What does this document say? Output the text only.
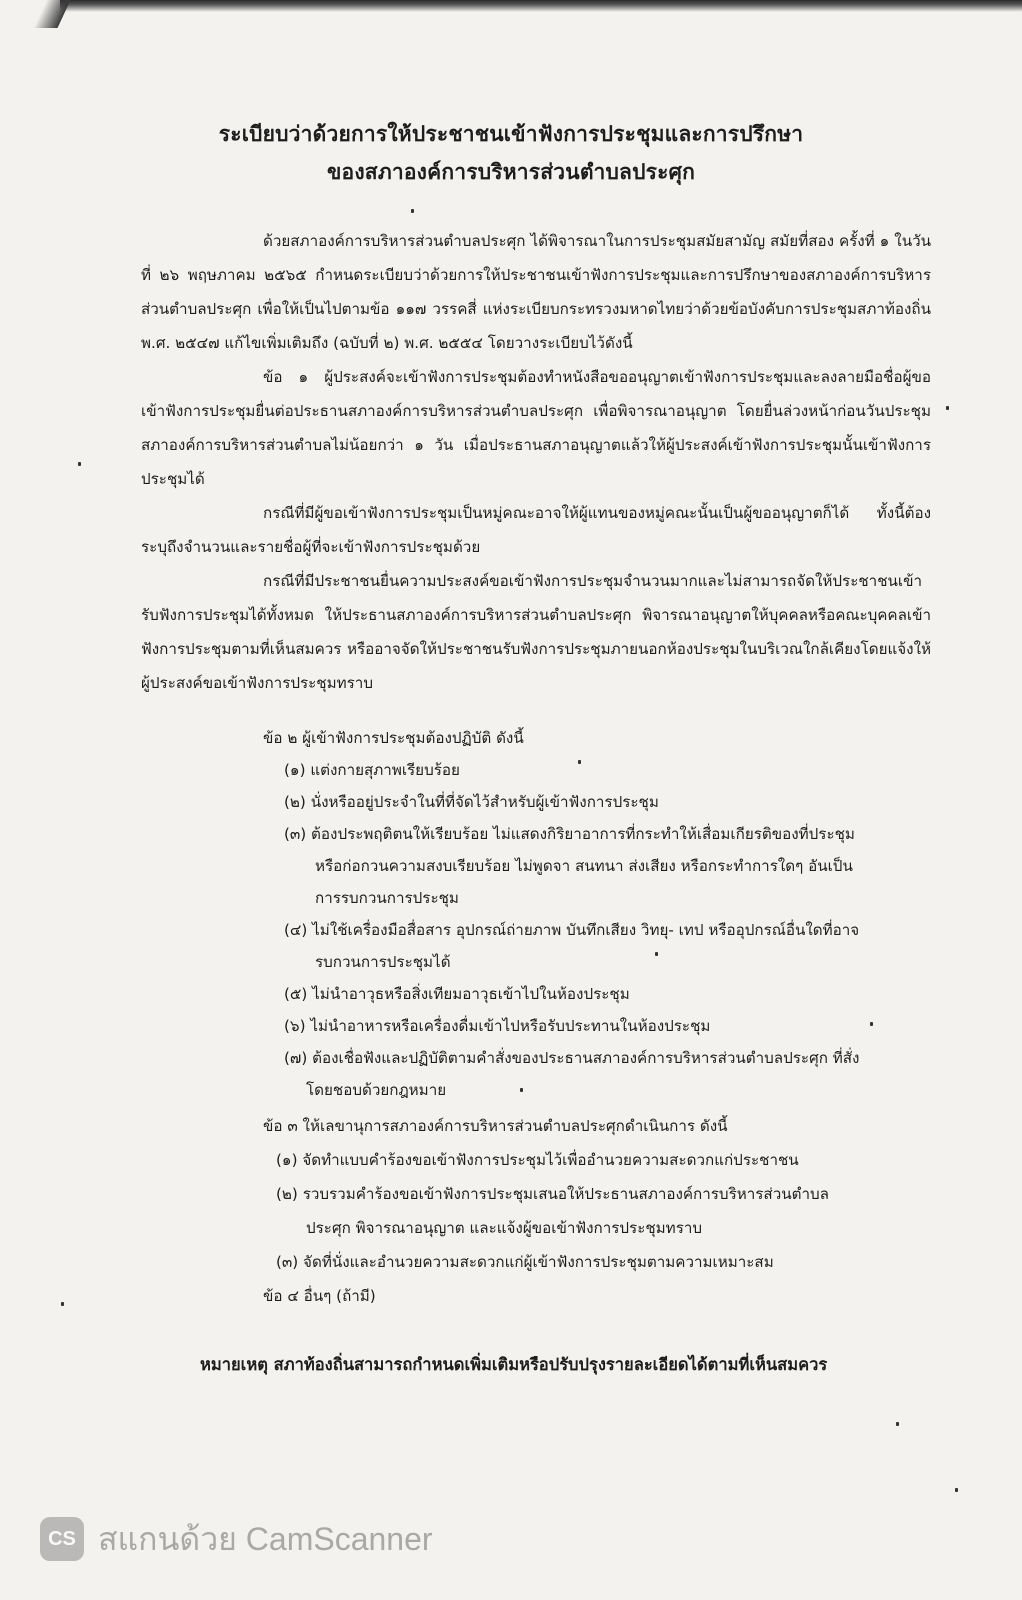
ระเบียบว่าด้วยการให้ประชาชนเข้าฟังการประชุมและการปรึกษา
ของสภาองค์การบริหารส่วนตำบลประศุก

ด้วยสภาองค์การบริหารส่วนตำบลประศุก ได้พิจารณาในการประชุมสมัยสามัญ สมัยที่สอง ครั้งที่ ๑ ในวันที่ ๒๖ พฤษภาคม ๒๕๖๕ กำหนดระเบียบว่าด้วยการให้ประชาชนเข้าฟังการประชุมและการปรึกษาของสภาองค์การบริหารส่วนตำบลประศุก เพื่อให้เป็นไปตามข้อ ๑๑๗ วรรคสี่ แห่งระเบียบกระทรวงมหาดไทยว่าด้วยข้อบังคับการประชุมสภาท้องถิ่น พ.ศ. ๒๕๔๗ แก้ไขเพิ่มเติมถึง (ฉบับที่ ๒) พ.ศ. ๒๕๕๔ โดยวางระเบียบไว้ดังนี้

ข้อ ๑ ผู้ประสงค์จะเข้าฟังการประชุมต้องทำหนังสือขออนุญาตเข้าฟังการประชุมและลงลายมือชื่อผู้ขอเข้าฟังการประชุมยื่นต่อประธานสภาองค์การบริหารส่วนตำบลประศุก เพื่อพิจารณาอนุญาต โดยยื่นล่วงหน้าก่อนวันประชุมสภาองค์การบริหารส่วนตำบลไม่น้อยกว่า ๑ วัน เมื่อประธานสภาอนุญาตแล้วให้ผู้ประสงค์เข้าฟังการประชุมนั้นเข้าฟังการประชุมได้

กรณีที่มีผู้ขอเข้าฟังการประชุมเป็นหมู่คณะอาจให้ผู้แทนของหมู่คณะนั้นเป็นผู้ขออนุญาตก็ได้ ทั้งนี้ต้องระบุถึงจำนวนและรายชื่อผู้ที่จะเข้าฟังการประชุมด้วย

กรณีที่มีประชาชนยื่นความประสงค์ขอเข้าฟังการประชุมจำนวนมากและไม่สามารถจัดให้ประชาชนเข้ารับฟังการประชุมได้ทั้งหมด ให้ประธานสภาองค์การบริหารส่วนตำบลประศุก พิจารณาอนุญาตให้บุคคลหรือคณะบุคคลเข้าฟังการประชุมตามที่เห็นสมควร หรืออาจจัดให้ประชาชนรับฟังการประชุมภายนอกห้องประชุมในบริเวณใกล้เคียงโดยแจ้งให้ผู้ประสงค์ขอเข้าฟังการประชุมทราบ

ข้อ ๒ ผู้เข้าฟังการประชุมต้องปฏิบัติ ดังนี้
(๑) แต่งกายสุภาพเรียบร้อย
(๒) นั่งหรืออยู่ประจำในที่ที่จัดไว้สำหรับผู้เข้าฟังการประชุม
(๓) ต้องประพฤติตนให้เรียบร้อย ไม่แสดงกิริยาอาการที่กระทำให้เสื่อมเกียรติของที่ประชุม
หรือก่อกวนความสงบเรียบร้อย ไม่พูดจา สนทนา ส่งเสียง หรือกระทำการใดๆ อันเป็น
การรบกวนการประชุม
(๔) ไม่ใช้เครื่องมือสื่อสาร อุปกรณ์ถ่ายภาพ บันทึกเสียง วิทยุ- เทป หรืออุปกรณ์อื่นใดที่อาจ
รบกวนการประชุมได้
(๕) ไม่นำอาวุธหรือสิ่งเทียมอาวุธเข้าไปในห้องประชุม
(๖) ไม่นำอาหารหรือเครื่องดื่มเข้าไปหรือรับประทานในห้องประชุม
(๗) ต้องเชื่อฟังและปฏิบัติตามคำสั่งของประธานสภาองค์การบริหารส่วนตำบลประศุก ที่สั่ง
โดยชอบด้วยกฎหมาย
ข้อ ๓ ให้เลขานุการสภาองค์การบริหารส่วนตำบลประศุกดำเนินการ ดังนี้
(๑) จัดทำแบบคำร้องขอเข้าฟังการประชุมไว้เพื่ออำนวยความสะดวกแก่ประชาชน
(๒) รวบรวมคำร้องขอเข้าฟังการประชุมเสนอให้ประธานสภาองค์การบริหารส่วนตำบล
ประศุก พิจารณาอนุญาต และแจ้งผู้ขอเข้าฟังการประชุมทราบ
(๓) จัดที่นั่งและอำนวยความสะดวกแก่ผู้เข้าฟังการประชุมตามความเหมาะสม
ข้อ ๔ อื่นๆ (ถ้ามี)
หมายเหตุ สภาท้องถิ่นสามารถกำหนดเพิ่มเติมหรือปรับปรุงรายละเอียดได้ตามที่เห็นสมควร
CS สแกนด้วย CamScanner
